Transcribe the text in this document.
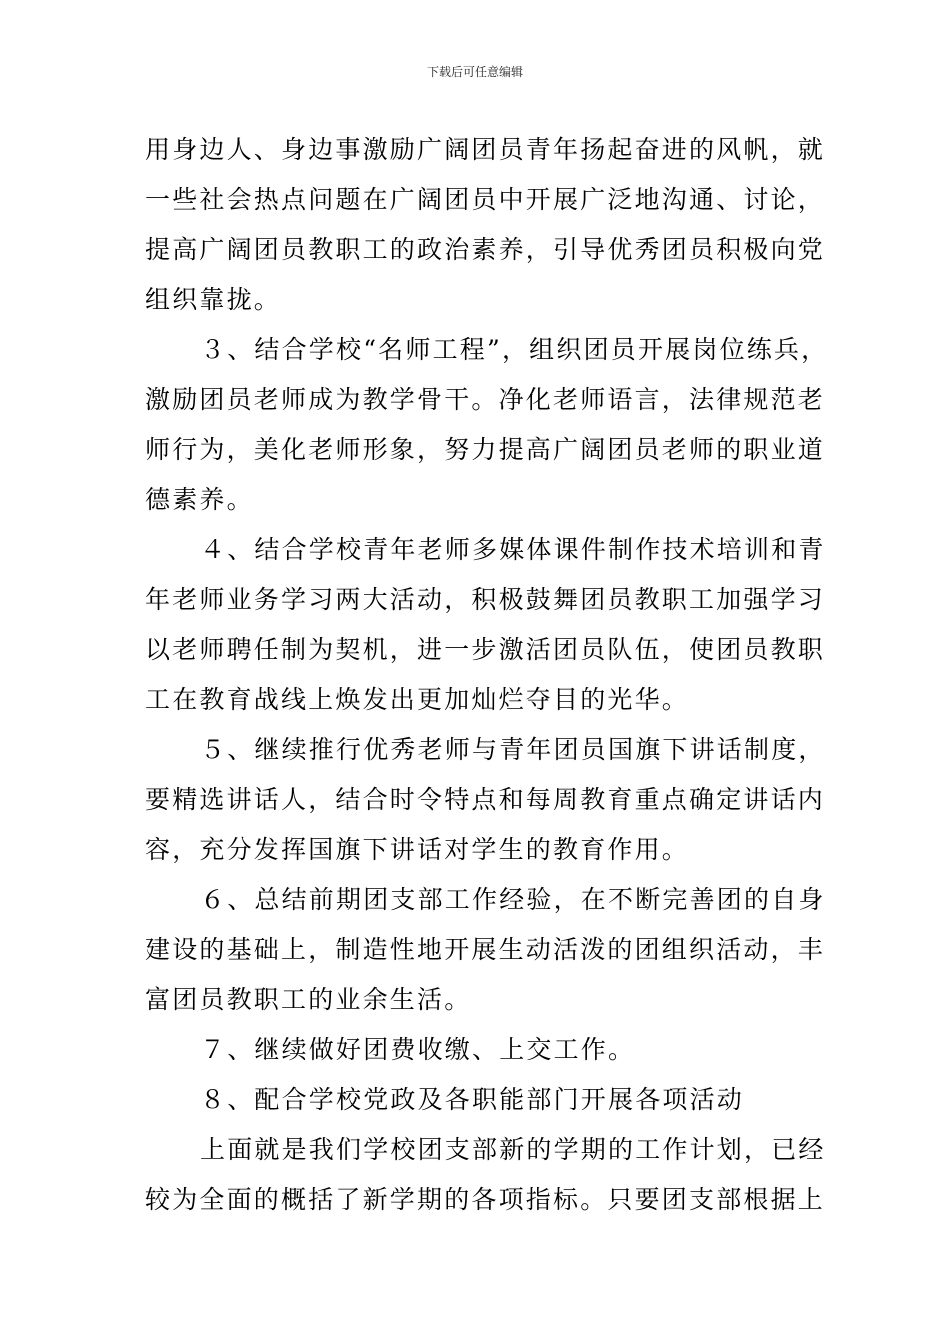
下载后可任意编辑
用身边人、身边事激励广阔团员青年扬起奋进的风帆，就
一些社会热点问题在广阔团员中开展广泛地沟通、讨论，
提高广阔团员教职工的政治素养，引导优秀团员积极向党
组织靠拢。
３、结合学校“名师工程”，组织团员开展岗位练兵，
激励团员老师成为教学骨干。净化老师语言，法律规范老
师行为，美化老师形象，努力提高广阔团员老师的职业道
德素养。
４、结合学校青年老师多媒体课件制作技术培训和青
年老师业务学习两大活动，积极鼓舞团员教职工加强学习
以老师聘任制为契机，进一步激活团员队伍，使团员教职
工在教育战线上焕发出更加灿烂夺目的光华。
５、继续推行优秀老师与青年团员国旗下讲话制度，
要精选讲话人，结合时令特点和每周教育重点确定讲话内
容，充分发挥国旗下讲话对学生的教育作用。
６、总结前期团支部工作经验，在不断完善团的自身
建设的基础上，制造性地开展生动活泼的团组织活动，丰
富团员教职工的业余生活。
７、继续做好团费收缴、上交工作。
８、配合学校党政及各职能部门开展各项活动
上面就是我们学校团支部新的学期的工作计划，已经
较为全面的概括了新学期的各项指标。只要团支部根据上
